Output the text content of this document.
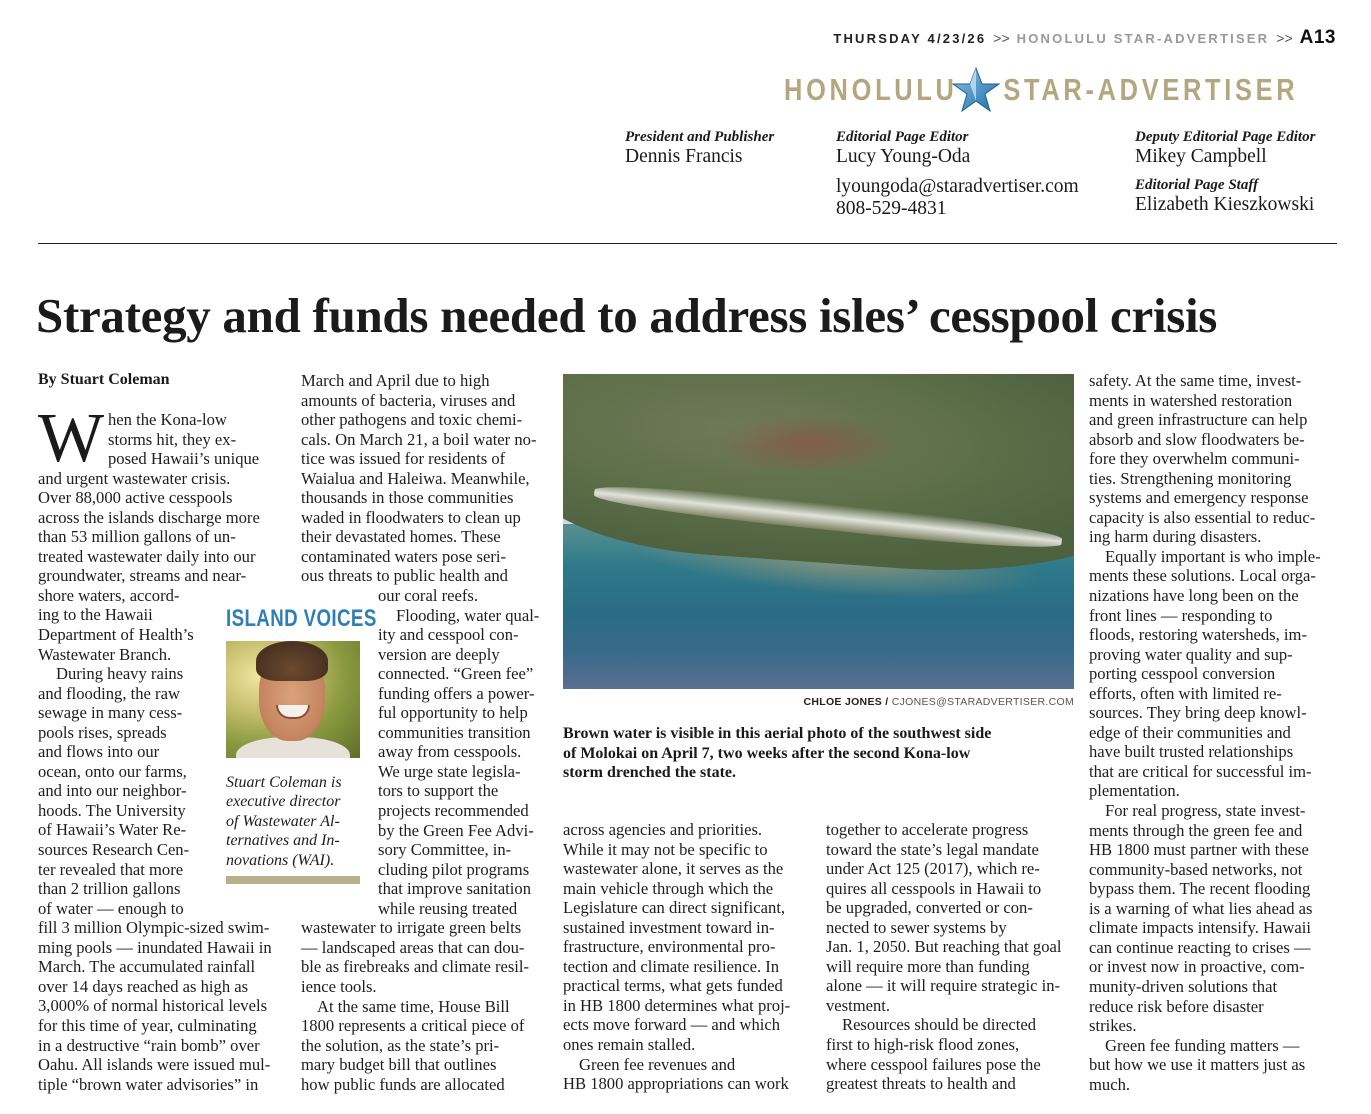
THURSDAY 4/23/26 >> HONOLULU STAR-ADVERTISER >> A13
HONOLULU STAR-ADVERTISER
President and Publisher
Dennis Francis
Editorial Page Editor
Lucy Young-Oda
lyoungoda@staradvertiser.com
808-529-4831
Deputy Editorial Page Editor
Mikey Campbell
Editorial Page Staff
Elizabeth Kieszkowski
Strategy and funds needed to address isles’ cesspool crisis
By Stuart Coleman
W hen the Kona-low
storms hit, they ex-
posed Hawaii’s unique
and urgent wastewater crisis.
Over 88,000 active cesspools
across the islands discharge more
than 53 million gallons of un-
treated wastewater daily into our
groundwater, streams and near-
shore waters, accord-
ing to the Hawaii
Department of Health’s
Wastewater Branch.
During heavy rains
and flooding, the raw
sewage in many cess-
pools rises, spreads
and flows into our
ocean, onto our farms,
and into our neighbor-
hoods. The University
of Hawaii’s Water Re-
sources Research Cen-
ter revealed that more
than 2 trillion gallons
of water — enough to
fill 3 million Olympic-sized swim-
ming pools — inundated Hawaii in
March. The accumulated rainfall
over 14 days reached as high as
3,000% of normal historical levels
for this time of year, culminating
in a destructive “rain bomb” over
Oahu. All islands were issued mul-
tiple “brown water advisories” in
March and April due to high
amounts of bacteria, viruses and
other pathogens and toxic chemi-
cals. On March 21, a boil water no-
tice was issued for residents of
Waialua and Haleiwa. Meanwhile,
thousands in those communities
waded in floodwaters to clean up
their devastated homes. These
contaminated waters pose seri-
ous threats to public health and
our coral reefs.
Flooding, water qual-
ity and cesspool con-
version are deeply
connected. “Green fee”
funding offers a power-
ful opportunity to help
communities transition
away from cesspools.
We urge state legisla-
tors to support the
projects recommended
by the Green Fee Advi-
sory Committee, in-
cluding pilot programs
that improve sanitation
while reusing treated
wastewater to irrigate green belts
— landscaped areas that can dou-
ble as firebreaks and climate resil-
ience tools.
At the same time, House Bill
1800 represents a critical piece of
the solution, as the state’s pri-
mary budget bill that outlines
how public funds are allocated
across agencies and priorities.
While it may not be specific to
wastewater alone, it serves as the
main vehicle through which the
Legislature can direct significant,
sustained investment toward in-
frastructure, environmental pro-
tection and climate resilience. In
practical terms, what gets funded
in HB 1800 determines what proj-
ects move forward — and which
ones remain stalled.
Green fee revenues and
HB 1800 appropriations can work
together to accelerate progress
toward the state’s legal mandate
under Act 125 (2017), which re-
quires all cesspools in Hawaii to
be upgraded, converted or con-
nected to sewer systems by
Jan. 1, 2050. But reaching that goal
will require more than funding
alone — it will require strategic in-
vestment.
Resources should be directed
first to high-risk flood zones,
where cesspool failures pose the
greatest threats to health and
safety. At the same time, invest-
ments in watershed restoration
and green infrastructure can help
absorb and slow floodwaters be-
fore they overwhelm communi-
ties. Strengthening monitoring
systems and emergency response
capacity is also essential to reduc-
ing harm during disasters.
Equally important is who imple-
ments these solutions. Local orga-
nizations have long been on the
front lines — responding to
floods, restoring watersheds, im-
proving water quality and sup-
porting cesspool conversion
efforts, often with limited re-
sources. They bring deep knowl-
edge of their communities and
have built trusted relationships
that are critical for successful im-
plementation.
For real progress, state invest-
ments through the green fee and
HB 1800 must partner with these
community-based networks, not
bypass them. The recent flooding
is a warning of what lies ahead as
climate impacts intensify. Hawaii
can continue reacting to crises —
or invest now in proactive, com-
munity-driven solutions that
reduce risk before disaster
strikes.
Green fee funding matters —
but how we use it matters just as
much.
ISLAND VOICES
Stuart Coleman is
executive director
of Wastewater Al-
ternatives and In-
novations (WAI).
CHLOE JONES / CJONES@STARADVERTISER.COM
Brown water is visible in this aerial photo of the southwest side
of Molokai on April 7, two weeks after the second Kona-low
storm drenched the state.
